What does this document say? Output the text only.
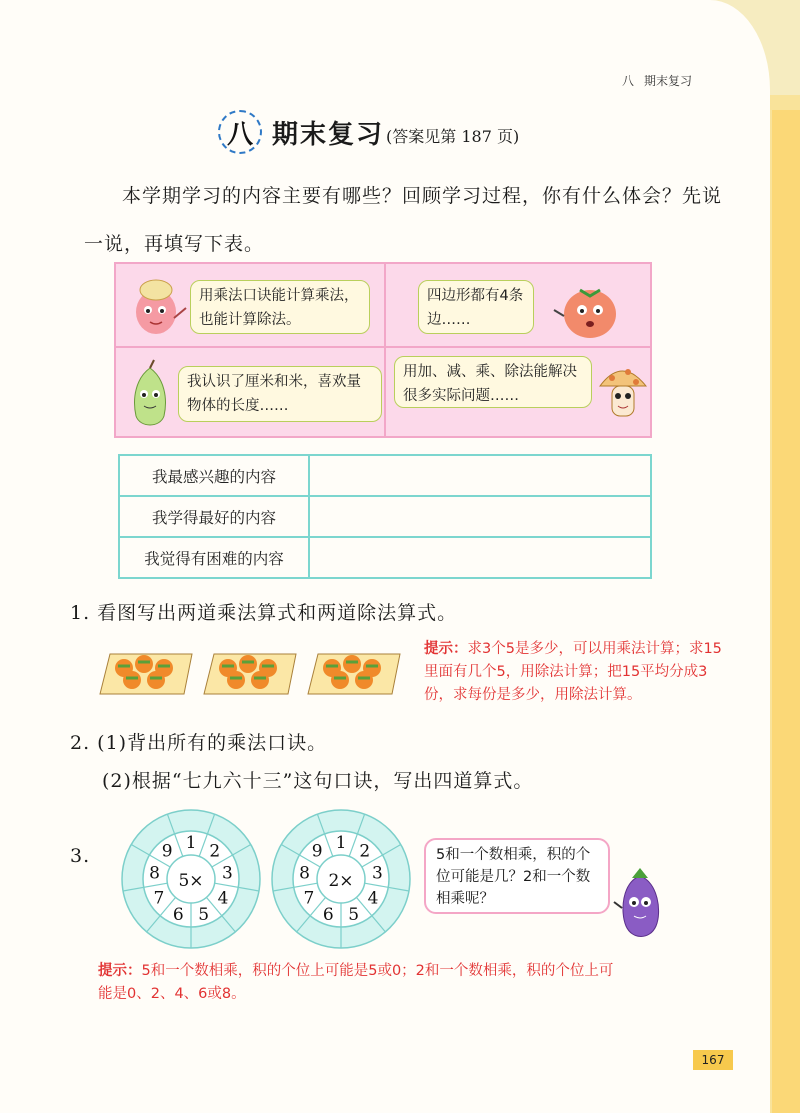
八 期末复习
八 期末复习 (答案见第 187 页)
本学期学习的内容主要有哪些？回顾学习过程，你有什么体会？先说一说，再填写下表。
用乘法口诀能计算乘法，也能计算除法。
四边形都有4条边……
我认识了厘米和米，喜欢量物体的长度……
用加、减、乘、除法能解决很多实际问题……
我最感兴趣的内容	
我学得最好的内容	
我觉得有困难的内容	
1. 看图写出两道乘法算式和两道除法算式。
提示：求3个5是多少，可以用乘法计算；求15里面有几个5，用除法计算；把15平均分成3份，求每份是多少，用除法计算。
2. (1)背出所有的乘法口诀。
(2)根据“七九六十三”这句口诀，写出四道算式。
3.
1 2
3
4
5
6
7
8
9
5×
1 2
3
4
5
6
7
8
9
2×
5和一个数相乘，积的个位可能是几？2和一个数相乘呢？
提示：5和一个数相乘，积的个位上可能是5或0；2和一个数相乘，积的个位上可能是0、2、4、6或8。
167
